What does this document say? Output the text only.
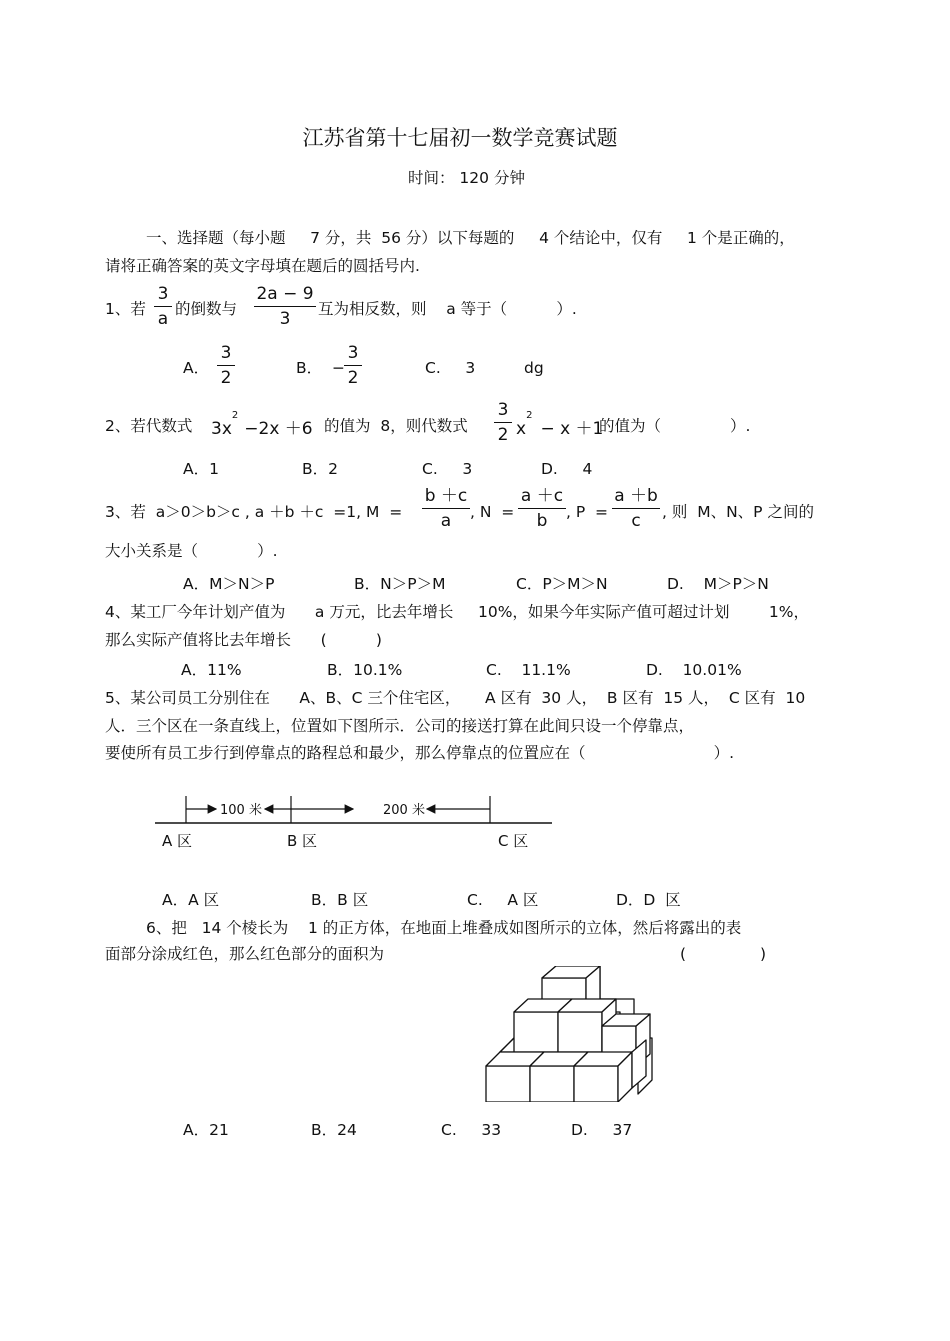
江苏省第十七届初一数学竞赛试题
时间： 120 分钟
一、选择题（每小题     7 分，共  56 分）以下每题的     4 个结论中，仅有     1 个是正确的，
请将正确答案的英文字母填在题后的圆括号内.
1、若
3
a 的倒数与
2a − 9
3	互为相反数，则    a 等于（          ）.
A．
3
2	B．  −
3
2	C.     3	dg
2、若代数式 $3x^2-2x +6$ 的值为  8，则代数式
3
2 $x^2- x +1$
的值为（              ）.
A．1	B．2	C.     3	D.     4
3、若  a＞0＞b＞c , a ＋b ＋c  =1, M  =
b ＋c
a	, N  =
a ＋c
b	, P  =
a ＋b
c	, 则  M、N、P 之间的
大小关系是（            ）.
A．M＞N＞P	B．N＞P＞M	C．P＞M＞N	D.    M＞P＞N
4、某工厂今年计划产值为      a 万元，比去年增长     10%，如果今年实际产值可超过计划        1%，
那么实际产值将比去年增长      (          )
A．11%	B．10.1%	C.    11.1%	D.    10.01%
5、某公司员工分别住在      A、B、C 三个住宅区，     A 区有  30 人，  B 区有  15 人，  C 区有  10
人．三个区在一条直线上，位置如下图所示．公司的接送打算在此间只设一个停靠点，
要使所有员工步行到停靠点的路程总和最少，那么停靠点的位置应在（                          ）.
100 米	200 米
A 区	B 区	C 区
A．A 区	B．B 区	C.     A 区	D．D  区
6、把   14 个棱长为    1 的正方体，在地面上堆叠成如图所示的立体，然后将露出的表
面部分涂成红色，那么红色部分的面积为	(               )
A．21	B．24	C.     33	D.     37
